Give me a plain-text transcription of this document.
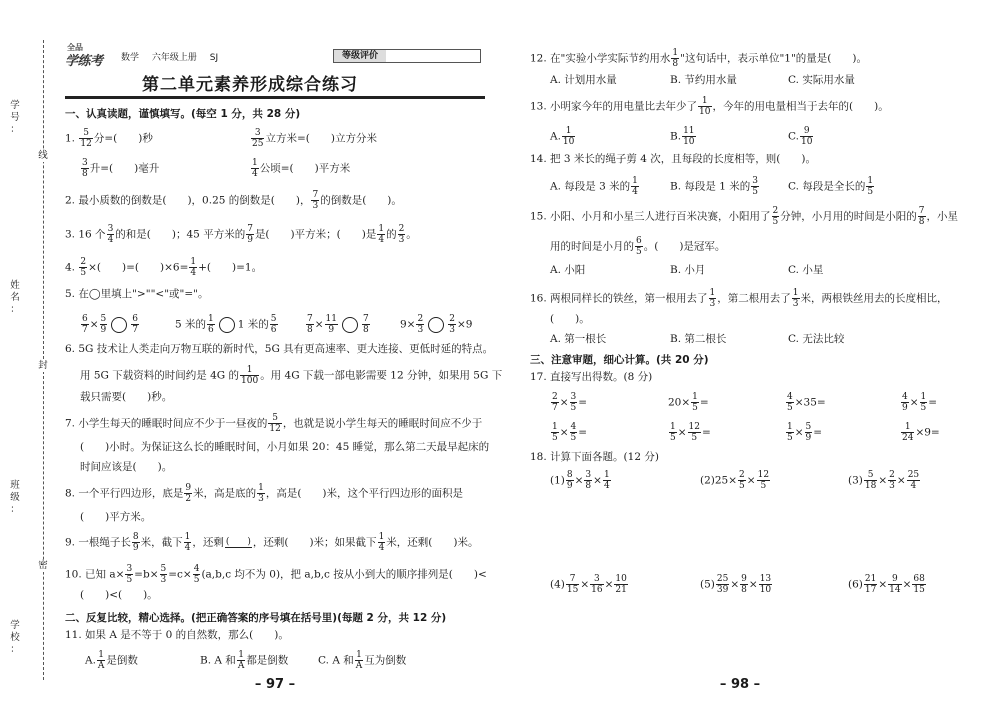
学
号
：
姓
名
：
班
级
：
学
校
：
线
封
密
全品
学练考 数学 六年级上册 SJ	等级评价
第二单元素养形成综合练习
一、认真读题，谨慎填写。(每空 1 分，共 28 分)
1. $\frac{5}{12}$ 分=(　　)秒	$\frac{3}{25}$ 立方米=(　　)立方分米
$\frac{3}{8}$ 升=(　　)毫升	$\frac{1}{4}$ 公顷=(　　)平方米
2. 最小质数的倒数是(　　)，0.25 的倒数是(　　)， $\frac{7}{3}$ 的倒数是(　　)。
3. 16 个 $\frac{3}{4}$ 的和是(　　)；45 平方米的 $\frac{7}{9}$ 是(　　)平方米；(　　)是 $\frac{1}{4}$ 的 $\frac{2}{3}$ 。
4. $\frac{2}{5}$ ×(　　)=(　　)$\times 6= \frac{1}{4}$ +(　　)=1。
5. 在◯里填上">""<"或"="。
$\frac{6}{7} \times \frac{5}{9}$	$\frac{6}{7}$	5 米的 $\frac{1}{6} 1$ 米的 $\frac{5}{6}$	$\frac{7}{8} \times \frac{11}{9}$	$\frac{7}{8}$	$9\times \frac{2}{3}$	$\frac{2}{3} \times 9$
6. 5G 技术让人类走向万物互联的新时代，5G 具有更高速率、更大连接、更低时延的特点。
用 5G 下载资料的时间约是 4G 的 $\frac{1}{100}$ 。用 4G 下载一部电影需要 12 分钟，如果用 5G 下
载只需要(　　)秒。
7. 小学生每天的睡眠时间应不少于一昼夜的 $\frac{5}{12}$ ，也就是说小学生每天的睡眠时间应不少于
(　　)小时。为保证这么长的睡眠时间，小月如果 20：45 睡觉，那么第二天最早起床的
时间应该是(　　)。
8. 一个平行四边形，底是 $\frac{9}{2}$ 米，高是底的 $\frac{1}{3}$ ，高是(　　)米，这个平行四边形的面积是
(　　)平方米。
9. 一根绳子长 $\frac{8}{9}$ 米，截下 $\frac{1}{4}$ ，还剩 (　　) ，还剩(　　)米；如果截下 $\frac{1}{4}$ 米，还剩(　　)米。
10. 已知 $a\times \frac{3}{5} =b\times \frac{5}{3} =c\times \frac{4}{5} (a,b,c$ 均不为 0)，把 a,b,c 按从小到大的顺序排列是(　　)<
(　　)<(　　)。
二、反复比较，精心选择。(把正确答案的序号填在括号里)(每题 2 分，共 12 分)
11. 如果 A 是不等于 0 的自然数，那么(　　)。
A. $\frac{1}{A}$ 是倒数	B. A 和 $\frac{1}{A}$ 都是倒数	C. A 和 $\frac{1}{A}$ 互为倒数
– 97 –
12. 在"实验小学实际节约用水 $\frac{1}{8}$ "这句话中，表示单位"1"的量是(　　)。
A. 计划用水量	B. 节约用水量	C. 实际用水量
13. 小明家今年的用电量比去年少了 $\frac{1}{10}$ ，今年的用电量相当于去年的(　　)。
A. $\frac{1}{10}$	B. $\frac{11}{10}$	C. $\frac{9}{10}$
14. 把 3 米长的绳子剪 4 次，且每段的长度相等，则(　　)。
A. 每段是 3 米的 $\frac{1}{4}$	B. 每段是 1 米的 $\frac{3}{5}$	C. 每段是全长的 $\frac{1}{5}$
15. 小阳、小月和小星三人进行百米决赛，小阳用了 $\frac{2}{5}$ 分钟，小月用的时间是小阳的 $\frac{7}{8}$ ，小星
用的时间是小月的 $\frac{6}{5}$ 。(　　)是冠军。
A. 小阳	B. 小月	C. 小星
16. 两根同样长的铁丝，第一根用去了 $\frac{1}{3}$ ，第二根用去了 $\frac{1}{3}$ 米，两根铁丝用去的长度相比，
(　　)。
A. 第一根长	B. 第二根长	C. 无法比较
三、注意审题，细心计算。(共 20 分)
17. 直接写出得数。(8 分)
$\frac{2}{7} \times \frac{3}{5}$ =	$20\times \frac{1}{5}$ =	$\frac{4}{5} \times 35=$	$\frac{4}{9} \times \frac{1}{5}$ =
$\frac{1}{5} \times \frac{4}{5}$ =	$\frac{1}{5} \times \frac{12}{5}$ =	$\frac{1}{5} \times \frac{5}{9}$ =	$\frac{1}{24} \times 9=$
18. 计算下面各题。(12 分)
$(1) \frac{8}{9} \times \frac{3}{8} \times \frac{1}{4}$	$(2)25\times \frac{2}{5} \times \frac{12}{5}$	$(3) \frac{5}{18} \times \frac{2}{3} \times \frac{25}{4}$
$(4) \frac{7}{15} \times \frac{3}{16} \times \frac{10}{21}$	$(5) \frac{25}{39} \times \frac{9}{8} \times \frac{13}{10}$	$(6) \frac{21}{17} \times \frac{9}{14} \times \frac{68}{15}$
– 98 –
